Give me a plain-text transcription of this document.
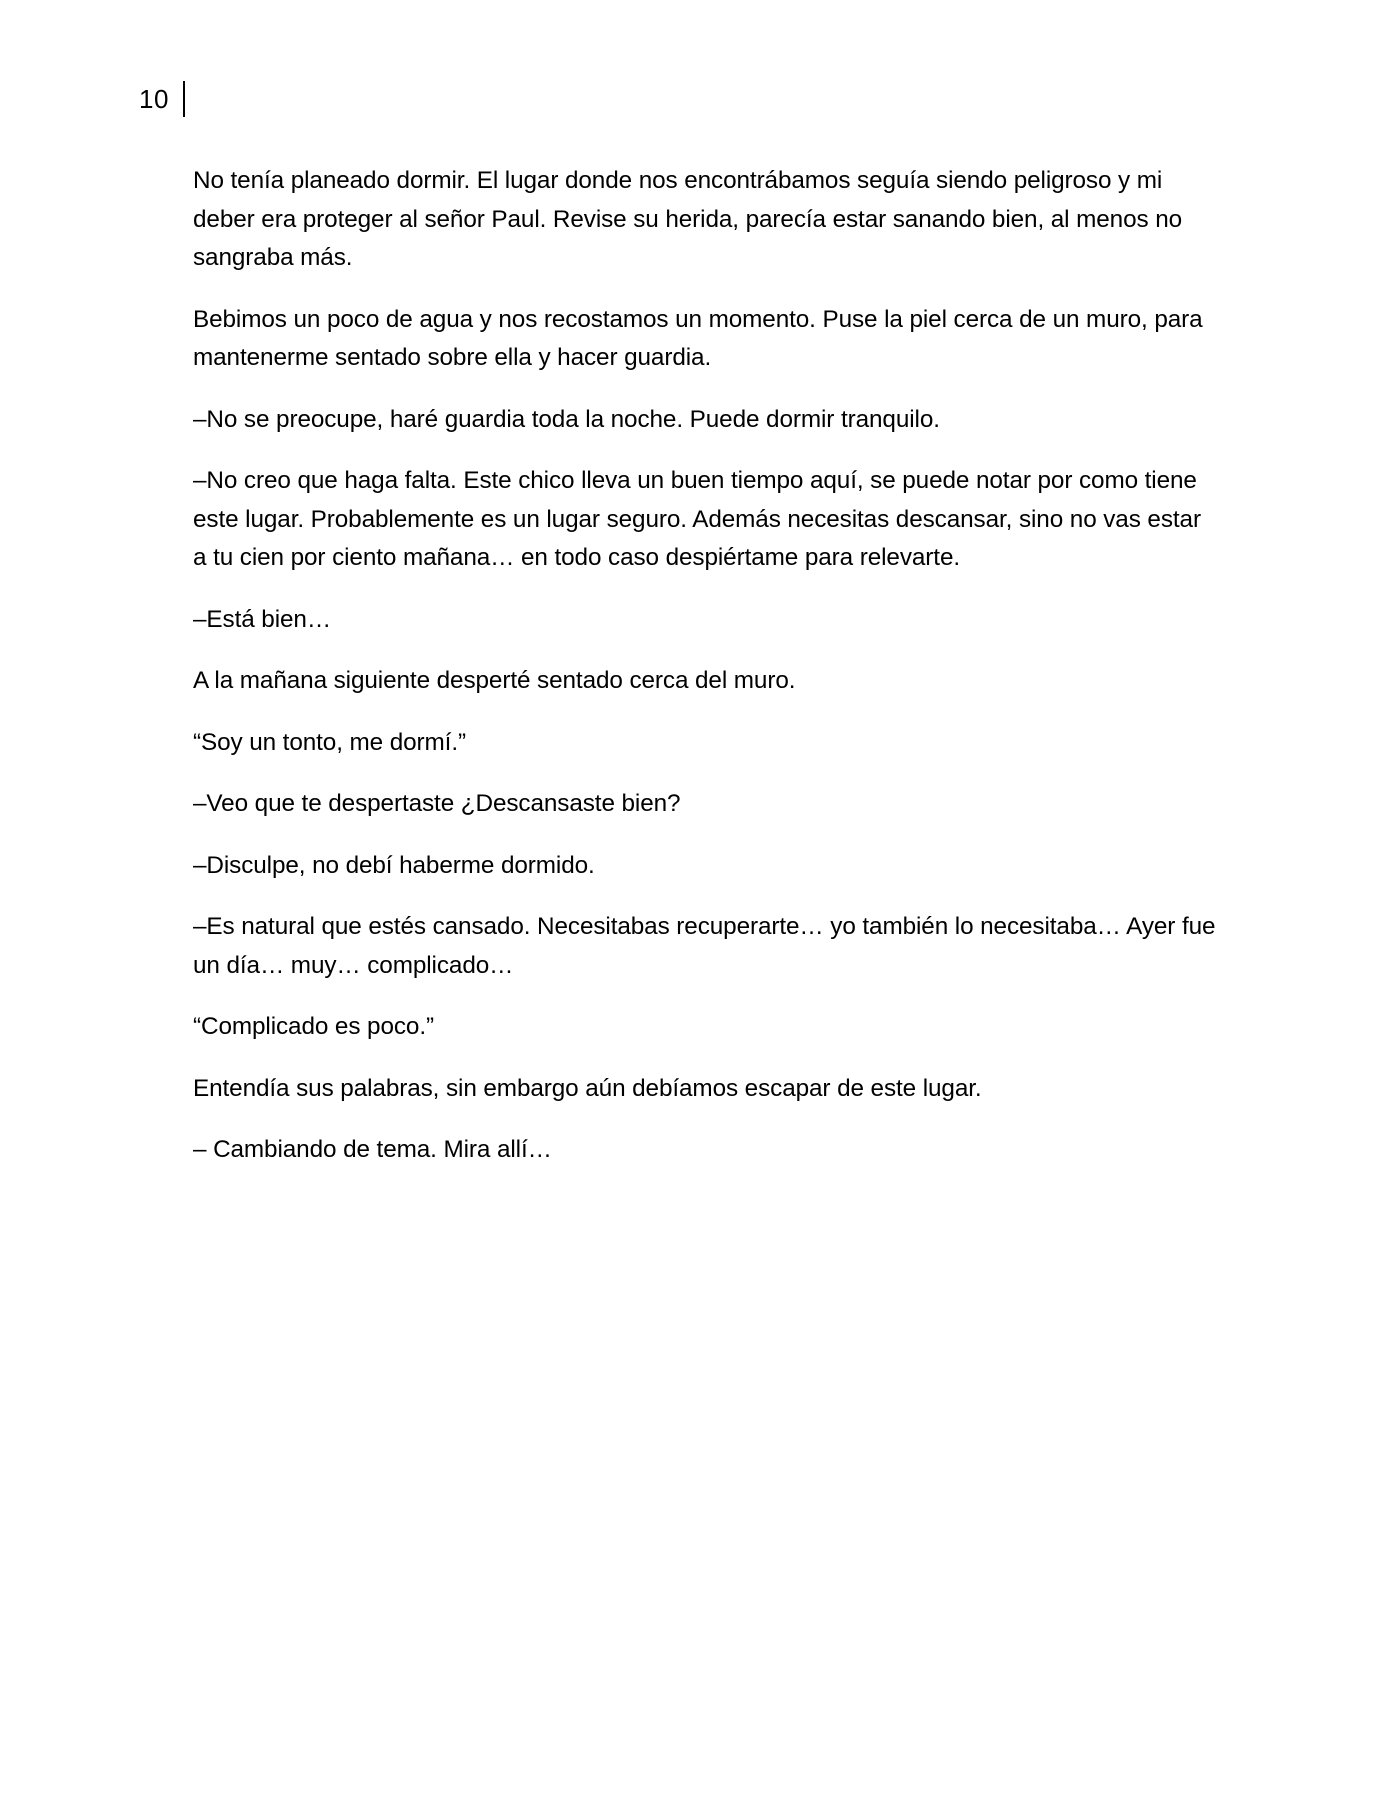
10

No tenía planeado dormir. El lugar donde nos encontrábamos seguía siendo peligroso y mi deber era proteger al señor Paul. Revise su herida, parecía estar sanando bien, al menos no sangraba más.

Bebimos un poco de agua y nos recostamos un momento. Puse la piel cerca de un muro, para mantenerme sentado sobre ella y hacer guardia.

–No se preocupe, haré guardia toda la noche. Puede dormir tranquilo.

–No creo que haga falta. Este chico lleva un buen tiempo aquí, se puede notar por como tiene este lugar. Probablemente es un lugar seguro. Además necesitas descansar, sino no vas estar a tu cien por ciento mañana… en todo caso despiértame para relevarte.

–Está bien…

A la mañana siguiente desperté sentado cerca del muro.

“Soy un tonto, me dormí.”

–Veo que te despertaste ¿Descansaste bien?

–Disculpe, no debí haberme dormido.

–Es natural que estés cansado. Necesitabas recuperarte… yo también lo necesitaba… Ayer fue un día… muy… complicado…

“Complicado es poco.”

Entendía sus palabras, sin embargo aún debíamos escapar de este lugar.

– Cambiando de tema. Mira allí…
